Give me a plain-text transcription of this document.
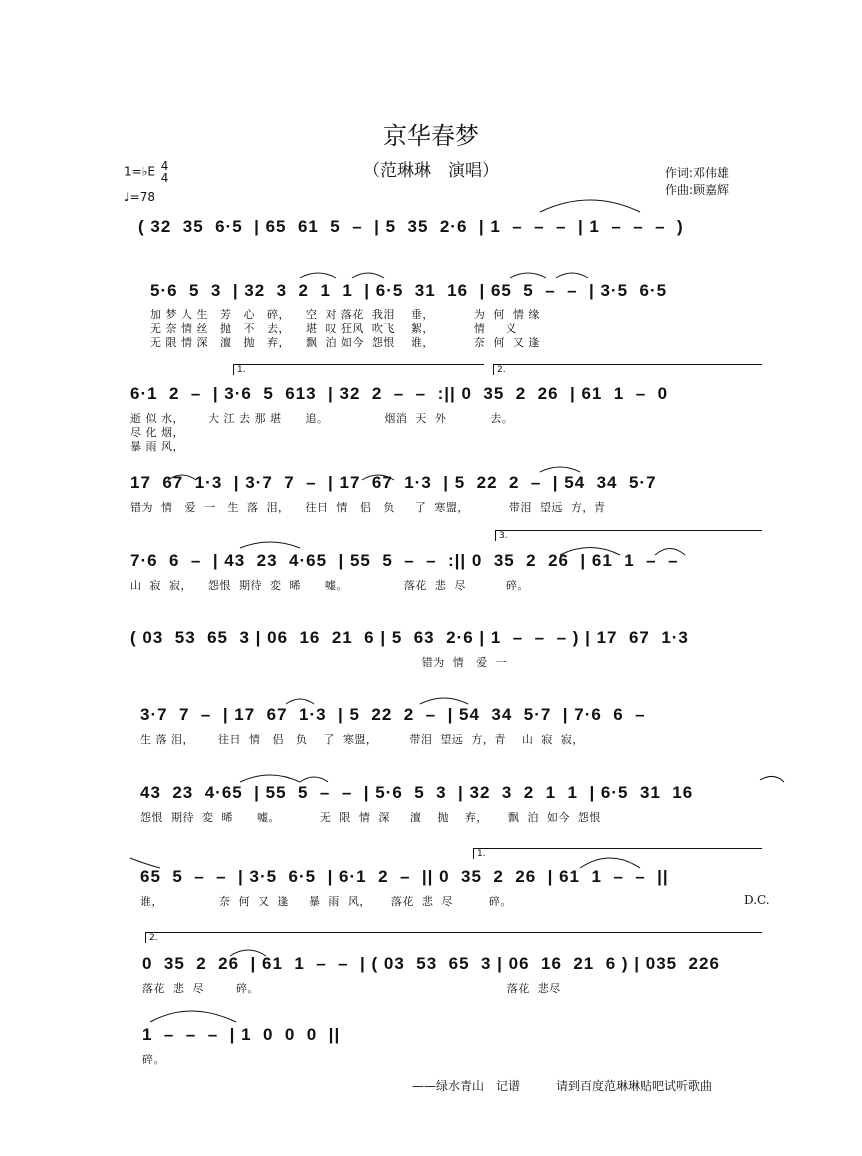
京华春梦
（范琳琳　演唱）	作词:邓伟雄
作曲:顾嘉辉
1=♭E 4
4
♩=78
( 32  35  6·5  | 65  61  5  –  | 5  35  2·6  | 1  –  –  –  | 1  –  –  –  )
5·6  5  3  | 32  3  2  1  1  | 6·5  31  16  | 65  5  –  –  | 3·5  6·5
加 梦 人 生   芳   心   碎，    空  对 落花  我泪    垂，          为  何  情 缘
无 奈 情 丝   抛   不   去，    堪  叹 狂风  吹飞    絮，          情     义
无 限 情 深   澶   抛   弃，    飘  泊 如今  怨恨    谁，          奈  何  又 逢
1.	2.
6·1  2  –  | 3·6  5  613  | 32  2  –  –  :|| 0  35  2  26  | 61  1  –  0
逝 似 水，      大 江 去 那 堪      追。              烟消  天  外           去。
尽 化 烟，
暴 雨 风，
17  67  1·3  | 3·7  7  –  | 17  67  1·3  | 5  22  2  –  | 54  34  5·7
错为  情   爱  一   生  落  泪，    往日  情   侣   负     了  寒盟，          带泪  望远  方，青
3.
7·6  6  –  | 43  23  4·65  | 55  5  –  –  :|| 0  35  2  26  | 61  1  –  –
山  寂  寂，    怨恨  期待  変  晞      嘘。              落花  悲  尽          碎。
( 03  53  65  3 | 06  16  21  6 | 5  63  2·6 | 1  –  –  – ) | 17  67  1·3
错为  情   爱  一
3·7  7  –  | 17  67  1·3  | 5  22  2  –  | 54  34  5·7  | 7·6  6  –
生 落 泪，      往日  情   侣   负    了  寒盟，        带泪  望远  方，青    山  寂  寂，
43  23  4·65  | 55  5  –  –  | 5·6  5  3  | 32  3  2  1  1  | 6·5  31  16
怨恨  期待  変  晞      嘘。          无  限  情  深     澶    抛    弃，     飘  泊  如今  怨恨
1.
65  5  –  –  | 3·5  6·5  | 6·1  2  –  || 0  35  2  26  | 61  1  –  –  ||
谁，              奈  何  又  逢     暴  雨  风，     落花  悲  尽         碎。	D.C.
2.
0  35  2  26  | 61  1  –  –  | ( 03  53  65  3 | 06  16  21  6 ) | 035  226
落花  悲  尽        碎。                                                              落花  悲尽
1  –  –  –  | 1  0  0  0  ||
碎。
——绿水青山　记谱　　　请到百度范琳琳贴吧试听歌曲
